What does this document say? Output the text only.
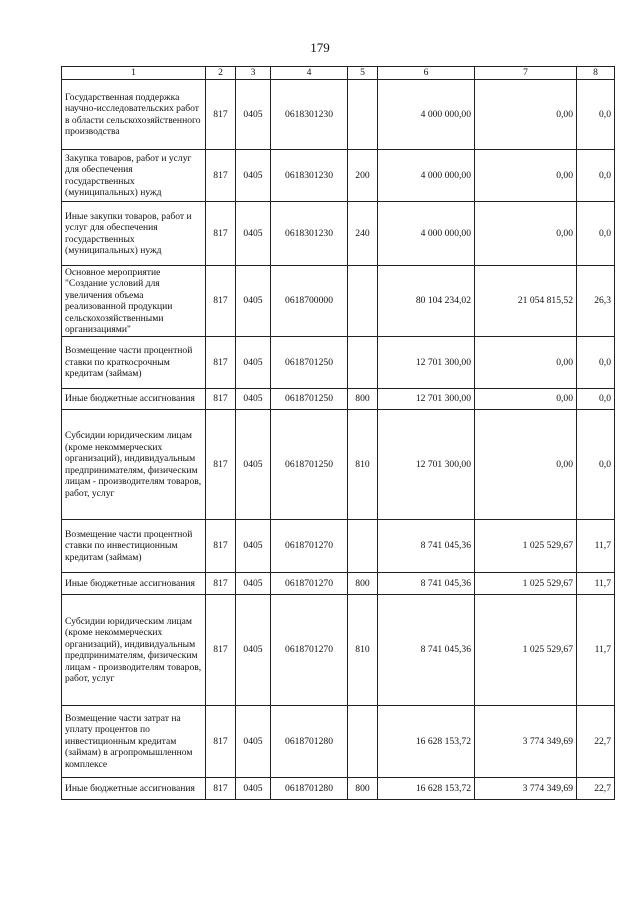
179
1	2	3	4	5	6	7	8
Государственная поддержка научно-исследовательских работ в области сельскохозяйственного производства	817	0405	0618301230		4 000 000,00	0,00	0,0
Закупка товаров, работ и услуг для обеспечения государственных (муниципальных) нужд	817	0405	0618301230	200	4 000 000,00	0,00	0,0
Иные закупки товаров, работ и услуг для обеспечения государственных (муниципальных) нужд	817	0405	0618301230	240	4 000 000,00	0,00	0,0
Основное мероприятие "Создание условий для увеличения объема реализованной продукции сельскохозяйственными организациями"	817	0405	0618700000		80 104 234,02	21 054 815,52	26,3
Возмещение части процентной ставки по краткосрочным кредитам (займам)	817	0405	0618701250		12 701 300,00	0,00	0,0
Иные бюджетные ассигнования	817	0405	0618701250	800	12 701 300,00	0,00	0,0
Субсидии юридическим лицам (кроме некоммерческих организаций), индивидуальным предпринимателям, физическим лицам - производителям товаров, работ, услуг	817	0405	0618701250	810	12 701 300,00	0,00	0,0
Возмещение части процентной ставки по инвестиционным кредитам (займам)	817	0405	0618701270		8 741 045,36	1 025 529,67	11,7
Иные бюджетные ассигнования	817	0405	0618701270	800	8 741 045,36	1 025 529,67	11,7
Субсидии юридическим лицам (кроме некоммерческих организаций), индивидуальным предпринимателям, физическим лицам - производителям товаров, работ, услуг	817	0405	0618701270	810	8 741 045,36	1 025 529,67	11,7
Возмещение части затрат на уплату процентов по инвестиционным кредитам (займам) в агропромышленном комплексе	817	0405	0618701280		16 628 153,72	3 774 349,69	22,7
Иные бюджетные ассигнования	817	0405	0618701280	800	16 628 153,72	3 774 349,69	22,7
